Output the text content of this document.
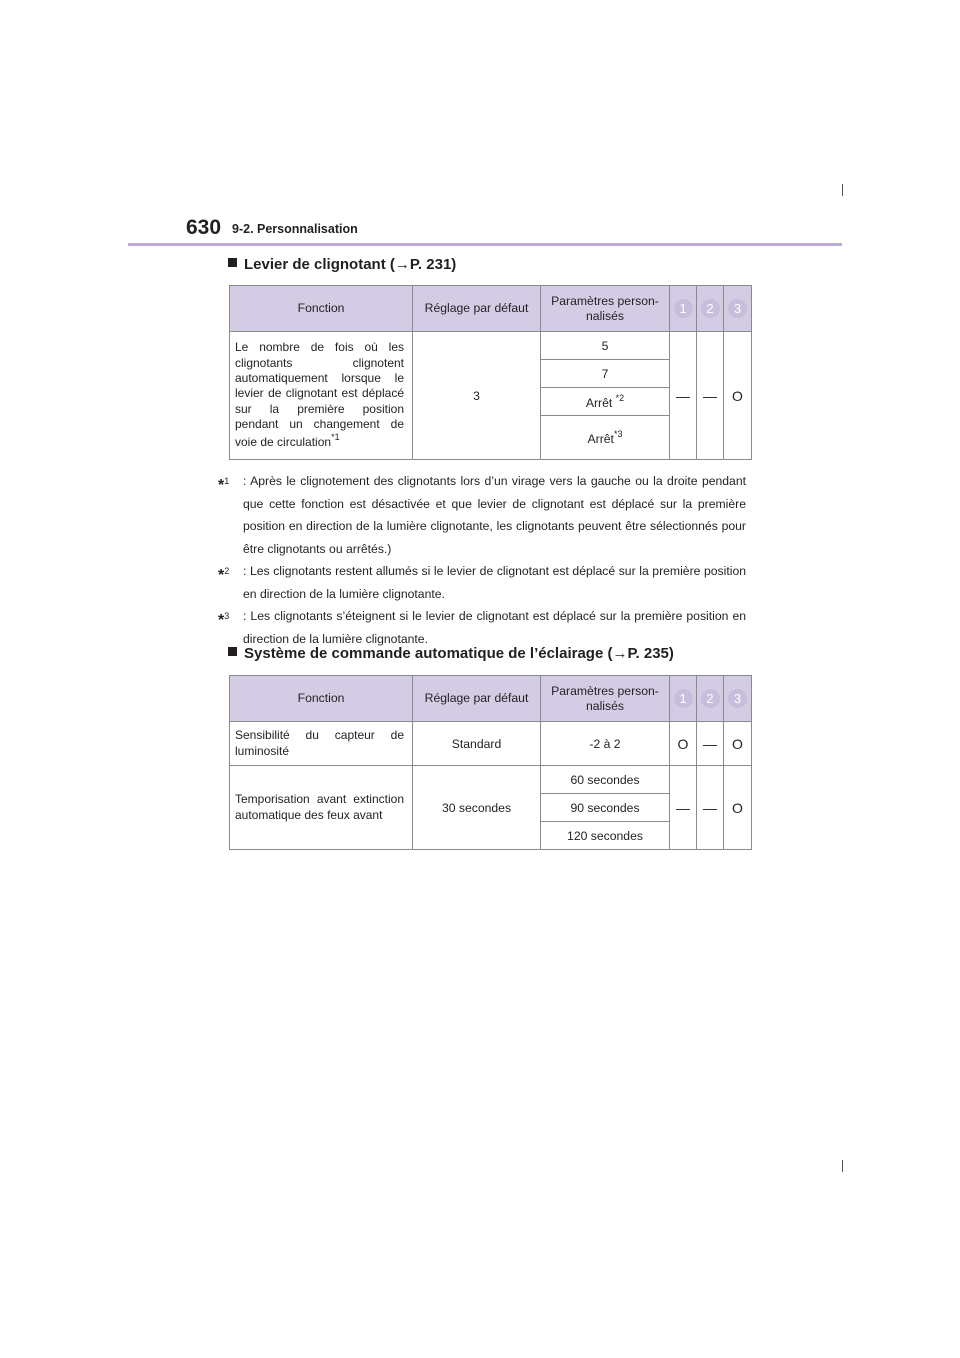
630 9-2. Personnalisation
Levier de clignotant (→P. 231)
Fonction	Réglage par défaut	Paramètres person-
nalisés	1	2	3
Le nombre de fois où les clignotants clignotent automatiquement lorsque le levier de clignotant est déplacé sur la première position pendant un changement de voie de circulation$^{*1}$	3	5	—	—	O
		7			
		Arrêt $^{*2}$
		Arrêt$^{*3}$
*$^1$	: Après le clignotement des clignotants lors d’un virage vers la gauche ou la droite pendant que cette fonction est désactivée et que levier de clignotant est déplacé sur la première position en direction de la lumière clignotante, les clignotants peuvent être sélectionnés pour être clignotants ou arrêtés.)
*$^2$	: Les clignotants restent allumés si le levier de clignotant est déplacé sur la première position en direction de la lumière clignotante.
*$^3$	: Les clignotants s’éteignent si le levier de clignotant est déplacé sur la première position en direction de la lumière clignotante.
Système de commande automatique de l’éclairage (→P. 235)
Fonction	Réglage par défaut	Paramètres person-
nalisés	1	2	3
Sensibilité du capteur de luminosité	Standard	-2 à 2	O	—	O
Temporisation avant extinction automatique des feux avant	30 secondes	60 secondes	—	—	O
		90 secondes			
		120 secondes			
